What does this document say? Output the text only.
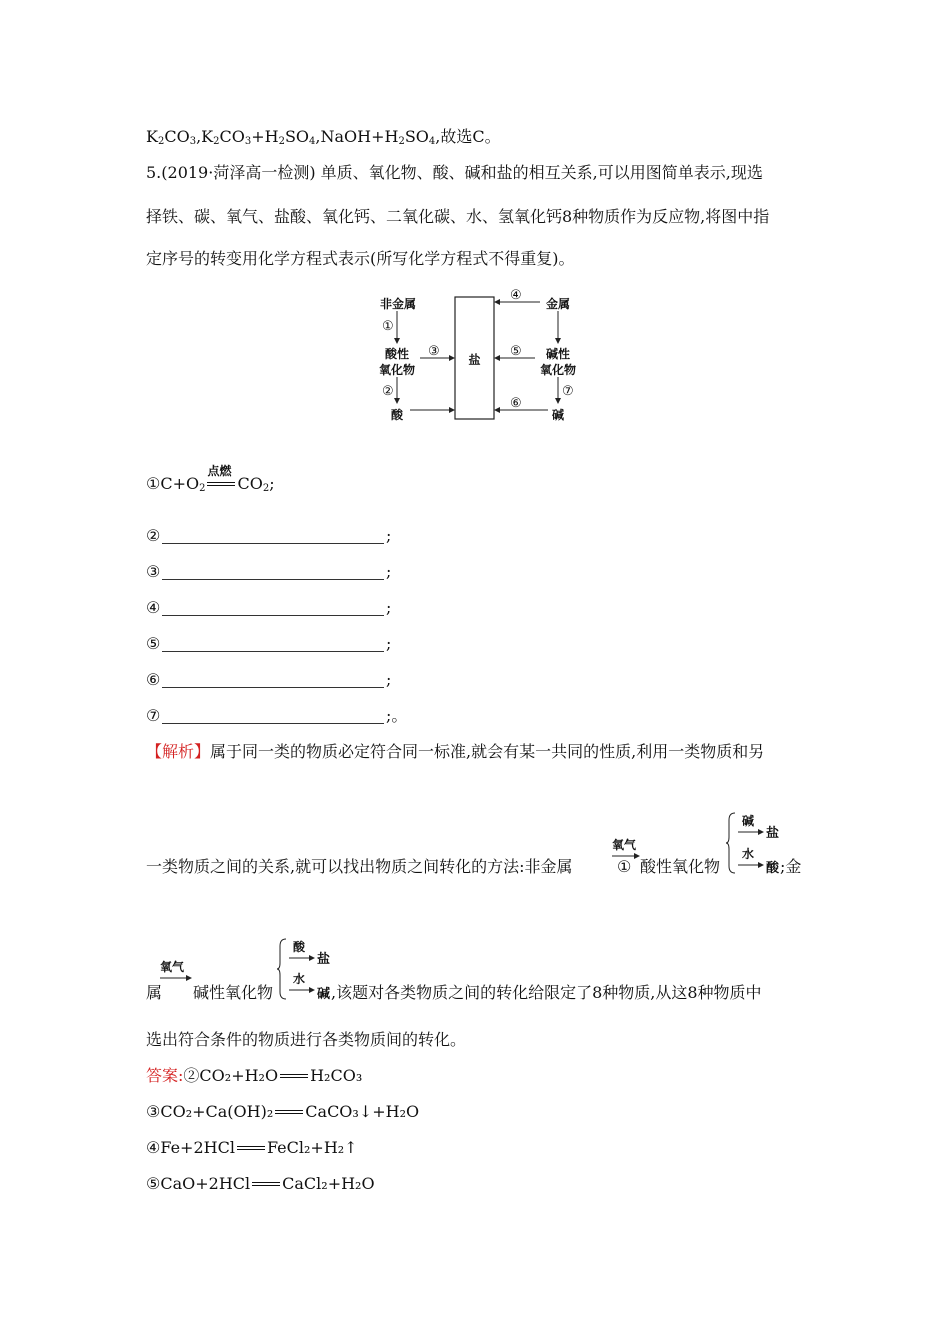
$K_2CO_3,K_2CO_3+H_2SO_4,NaOH+H_2SO_4$,故选C。
5.(2019·菏泽高一检测) 单质、氧化物、酸、碱和盐的相互关系,可以用图简单表示,现选
择铁、碳、氧气、盐酸、氧化钙、二氧化碳、水、氢氧化钙8种物质作为反应物,将图中指
定序号的转变用化学方程式表示(所写化学方程式不得重复)。
非金属
①
酸性
氧化物
②
酸
③
盐
④
金属
⑤	碱性
氧化物
⑦
⑥
碱
$①C+O_2$
点燃
$CO_2$;
②	;
③	;
④	;
⑤	;
⑥	;
⑦	;。
【解析】属于同一类的物质必定符合同一标准,就会有某一共同的性质,利用一类物质和另
一类物质之间的关系,就可以找出物质之间转化的方法:非金属
氧气
① 酸性氧化物
碱
盐
水
酸 ;金
属
氧气
碱性氧化物
酸
盐
水
碱 ,该题对各类物质之间的转化给限定了8种物质,从这8种物质中
选出符合条件的物质进行各类物质间的转化。
答案:②CO₂+H₂O H₂CO₃
③CO₂+Ca(OH)₂ CaCO₃↓+H₂O
④Fe+2HCl FeCl₂+H₂↑
⑤CaO+2HCl CaCl₂+H₂O
